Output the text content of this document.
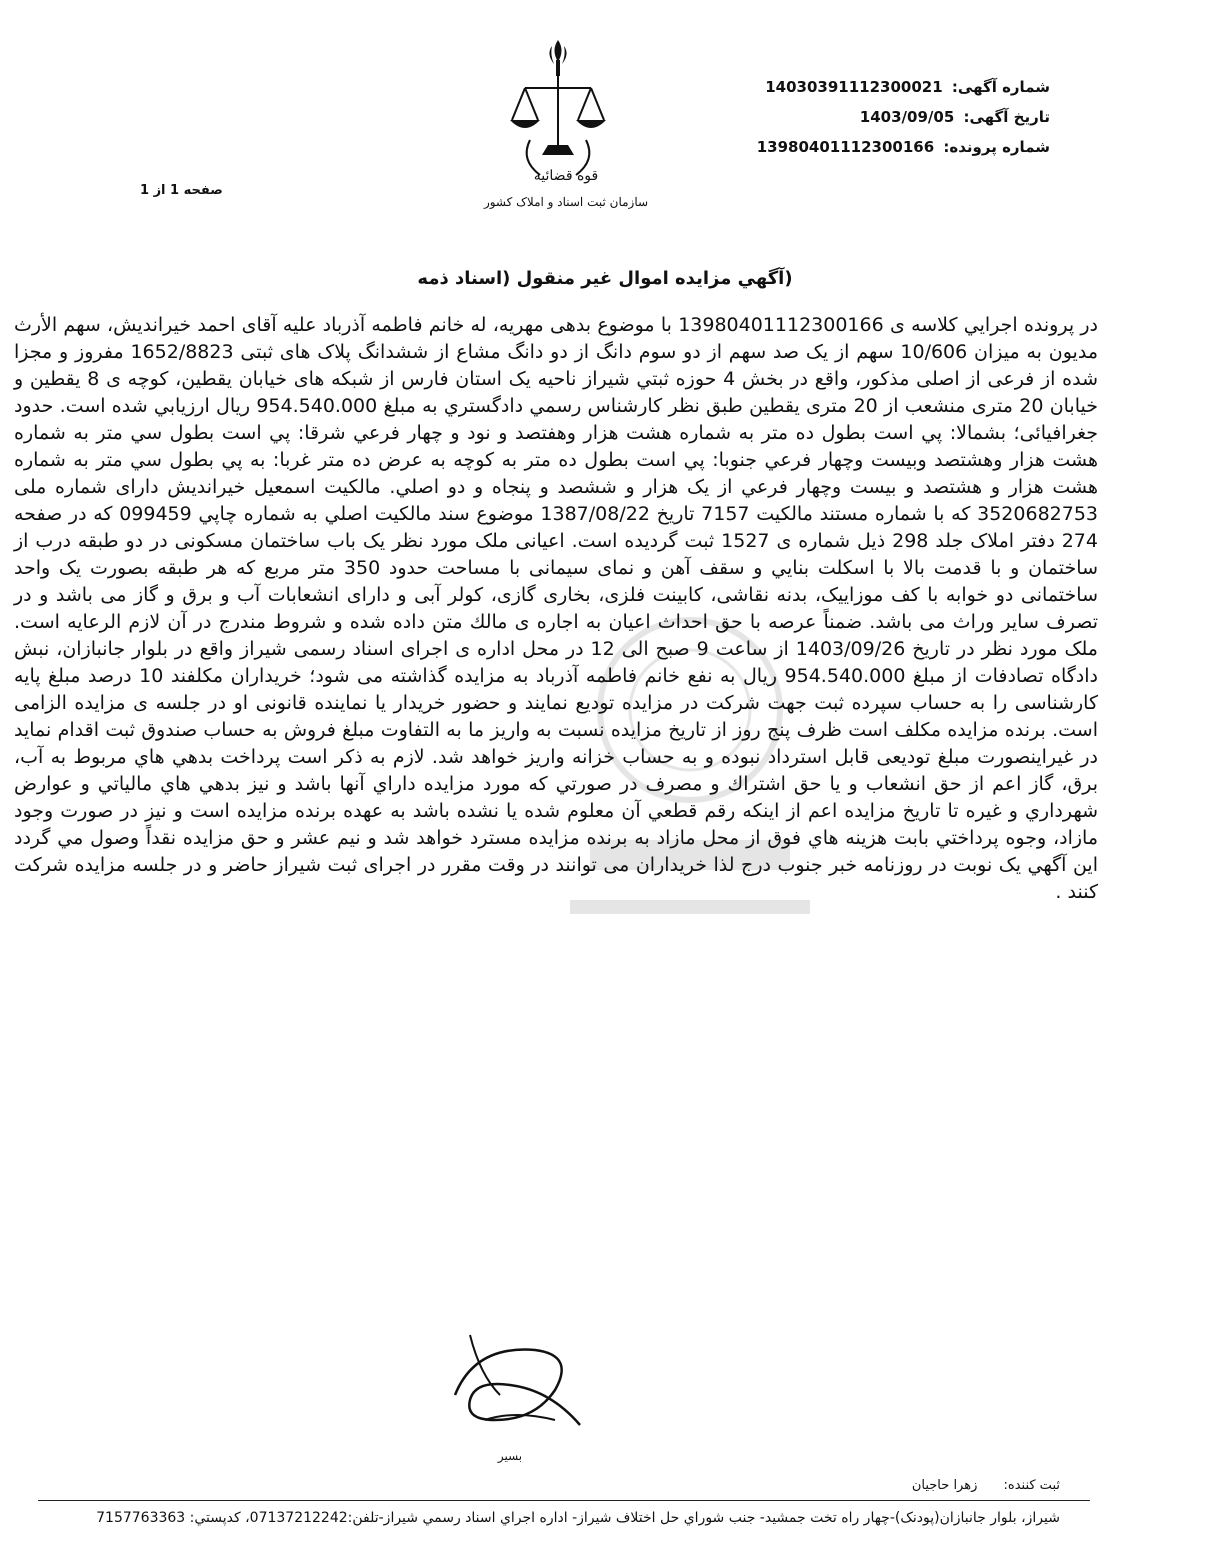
قوه قضائیه
سازمان ثبت اسناد و املاک کشور
شماره آگهی: 14030391112300021
تاریخ آگهی: 1403/09/05
شماره پرونده: 13980401112300166
صفحه 1 از 1
(آگهي مزايده اموال غير منقول (اسناد ذمه
در پرونده اجرايي كلاسه ی 13980401112300166 با موضوع بدهی مهریه، له خانم فاطمه آذرباد علیه آقای احمد خيرانديش، سهم الأرث مديون به ميزان 10/606 سهم از يک صد سهم از دو سوم دانگ از دو دانگ مشاع از ششدانگ پلاک های ثبتی 1652/8823 مفروز و مجزا شده از فرعی از اصلی مذکور، واقع در بخش 4 حوزه ثبتي شيراز ناحيه يک استان فارس از شبكه های خیابان یقطین، کوچه ی 8 یقطین و خیابان 20 متری منشعب از 20 متری یقطین طبق نظر كارشناس رسمي دادگستري به مبلغ 954.540.000 ريال ارزيابي شده است. حدود جغرافيائی؛ بشمالا: پي است بطول ده متر به شماره هشت هزار وهفتصد و نود و چهار فرعي شرقا: پي است بطول سي متر به شماره هشت هزار وهشتصد وبيست وچهار فرعي جنوبا: پي است بطول ده متر به کوچه به عرض ده متر غربا: به پي بطول سي متر به شماره هشت هزار و هشتصد و بيست وچهار فرعي از یک هزار و ششصد و پنجاه و دو اصلي. مالكيت اسمعيل خيرانديش دارای شماره ملی 3520682753 که با شماره مستند مالکيت 7157 تاريخ 1387/08/22 موضوع سند مالکيت اصلي به شماره چاپي 099459 که در صفحه 274 دفتر املاک جلد 298 ذيل شماره ی 1527 ثبت گرديده است. اعیانی ملک مورد نظر يک باب ساختمان مسکونی در دو طبقه درب از ساختمان و با قدمت بالا با اسکلت بنايي و سقف آهن و نمای سيمانی با مساحت حدود 350 متر مربع که هر طبقه بصورت يک واحد ساختمانی دو خوابه با کف موزاييک، بدنه نقاشی، کابينت فلزی، بخاری گازی، کولر آبی و دارای انشعابات آب و برق و گاز می باشد و در تصرف ساير وراث می باشد. ضمناً عرصه با حق احداث اعيان به اجاره ی مالك متن داده شده و شروط مندرج در آن لازم الرعايه است. ملک مورد نظر در تاريخ 1403/09/26 از ساعت 9 صبح الی 12 در محل اداره ی اجرای اسناد رسمی شيراز واقع در بلوار جانبازان، نبش دادگاه تصادفات از مبلغ 954.540.000 ريال به نفع خانم فاطمه آذرباد به مزايده گذاشته می شود؛ خريداران مکلفند 10 درصد مبلغ پايه کارشناسی را به حساب سپرده ثبت جهت شرکت در مزايده توديع نمايند و حضور خريدار يا نماينده قانونی او در جلسه ی مزايده الزامی است. برنده مزايده مکلف است ظرف پنج روز از تاريخ مزايده نسبت به واريز ما به التفاوت مبلغ فروش به حساب صندوق ثبت اقدام نمايد در غيراينصورت مبلغ توديعی قابل استرداد نبوده و به حساب خزانه واريز خواهد شد. لازم به ذكر است پرداخت بدهي هاي مربوط به آب، برق، گاز اعم از حق انشعاب و يا حق اشتراك و مصرف در صورتي كه مورد مزايده داراي آنها باشد و نيز بدهي هاي مالياتي و عوارض شهرداري و غيره تا تاريخ مزايده اعم از اينكه رقم قطعي آن معلوم شده يا نشده باشد به عهده برنده مزايده است و نيز در صورت وجود مازاد، وجوه پرداختي بابت هزينه هاي فوق از محل مازاد به برنده مزايده مسترد خواهد شد و نيم عشر و حق مزايده نقداً وصول مي گردد اين آگهي يک نوبت در روزنامه خبر جنوب درج لذا خريداران می توانند در وقت مقرر در اجرای ثبت شيراز حاضر و در جلسه مزايده شرکت کنند .
بسیر
ثبت کننده: زهرا حاجيان
شيراز، بلوار جانبازان(پودنک)-چهار راه تخت جمشيد- جنب شوراي حل اختلاف شيراز- اداره اجراي اسناد رسمي شيراز-تلفن:07137212242، کدپستي: 7157763363
